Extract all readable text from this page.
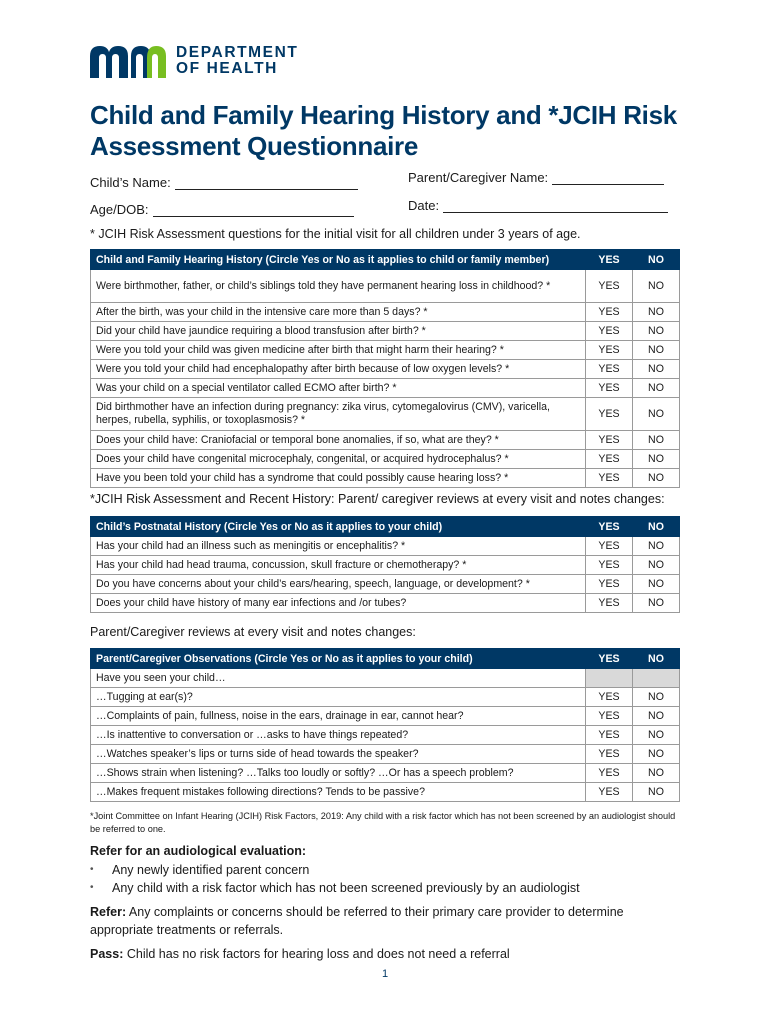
DEPARTMENT
OF HEALTH
Child and Family Hearing History and *JCIH Risk Assessment Questionnaire
Child’s Name:	Parent/Caregiver Name:
Age/DOB:	Date:
* JCIH Risk Assessment questions for the initial visit for all children under 3 years of age.
Child and Family Hearing History (Circle Yes or No as it applies to child or family member)	YES	NO
Were birthmother, father, or child’s siblings told they have permanent hearing loss in childhood? *	YES	NO
After the birth, was your child in the intensive care more than 5 days? *	YES	NO
Did your child have jaundice requiring a blood transfusion after birth? *	YES	NO
Were you told your child was given medicine after birth that might harm their hearing? *	YES	NO
Were you told your child had encephalopathy after birth because of low oxygen levels? *	YES	NO
Was your child on a special ventilator called ECMO after birth? *	YES	NO
Did birthmother have an infection during pregnancy: zika virus, cytomegalovirus (CMV), varicella, herpes, rubella, syphilis, or toxoplasmosis? *	YES	NO
Does your child have: Craniofacial or temporal bone anomalies, if so, what are they? *	YES	NO
Does your child have congenital microcephaly, congenital, or acquired hydrocephalus? *	YES	NO
Have you been told your child has a syndrome that could possibly cause hearing loss? *	YES	NO
*JCIH Risk Assessment and Recent History: Parent/ caregiver reviews at every visit and notes changes:
Child’s Postnatal History (Circle Yes or No as it applies to your child)	YES	NO
Has your child had an illness such as meningitis or encephalitis? *	YES	NO
Has your child had head trauma, concussion, skull fracture or chemotherapy? *	YES	NO
Do you have concerns about your child’s ears/hearing, speech, language, or development? *	YES	NO
Does your child have history of many ear infections and /or tubes?	YES	NO
Parent/Caregiver reviews at every visit and notes changes:
Parent/Caregiver Observations (Circle Yes or No as it applies to your child)	YES	NO
Have you seen your child…		
…Tugging at ear(s)?	YES	NO
…Complaints of pain, fullness, noise in the ears, drainage in ear, cannot hear?	YES	NO
…Is inattentive to conversation or …asks to have things repeated?	YES	NO
…Watches speaker’s lips or turns side of head towards the speaker?	YES	NO
…Shows strain when listening? …Talks too loudly or softly? …Or has a speech problem?	YES	NO
…Makes frequent mistakes following directions? Tends to be passive?	YES	NO
*Joint Committee on Infant Hearing (JCIH) Risk Factors, 2019: Any child with a risk factor which has not been screened by an audiologist should be referred to one.
Refer for an audiological evaluation:
•	Any newly identified parent concern
•	Any child with a risk factor which has not been screened previously by an audiologist
Refer: Any complaints or concerns should be referred to their primary care provider to determine appropriate treatments or referrals.
Pass: Child has no risk factors for hearing loss and does not need a referral
1
